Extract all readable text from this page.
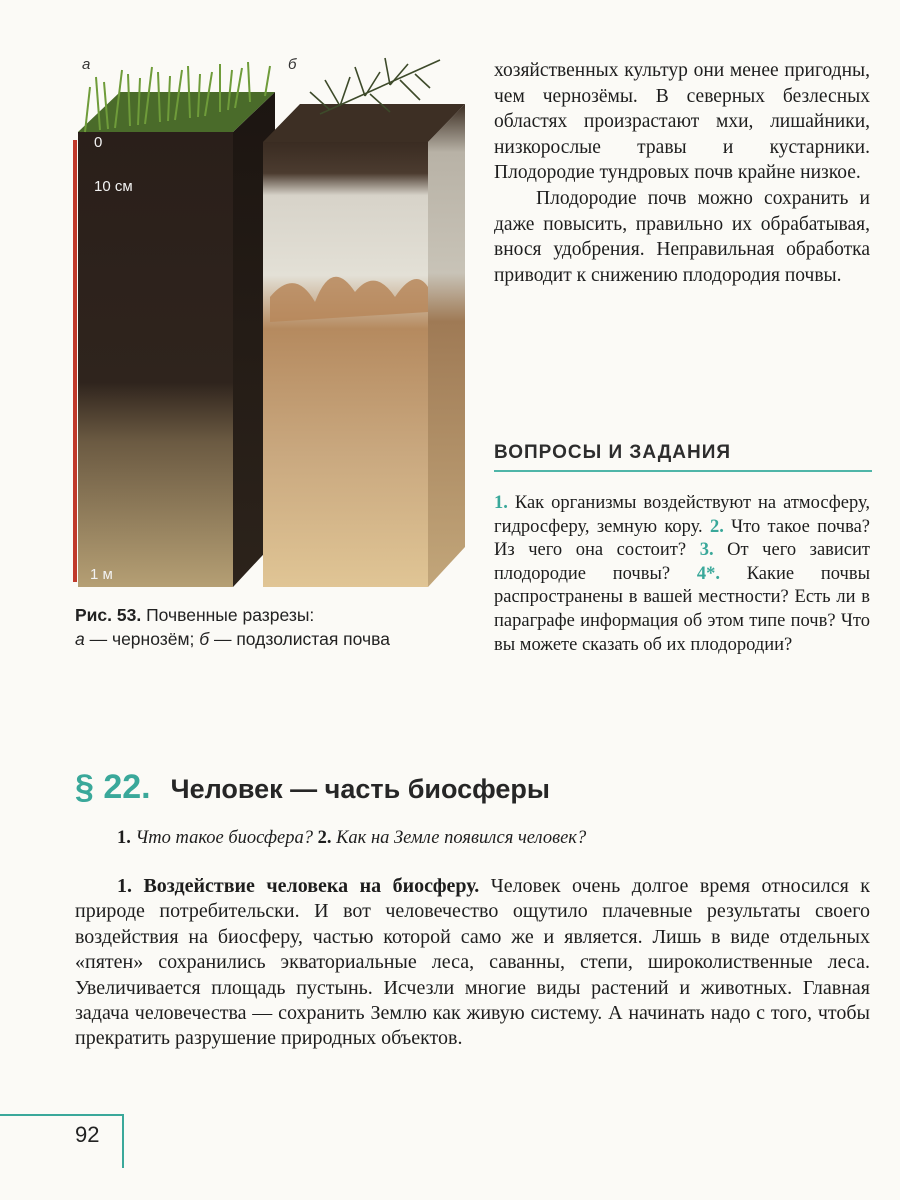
а	б
0
10 см
1 м
Рис. 53. Почвенные разрезы:
а — чернозём; б — подзолистая почва

хозяйственных культур они менее пригодны, чем чернозёмы. В северных безлесных областях произрастают мхи, лишайники, низкорослые травы и кустарники. Плодородие тундровых почв крайне низкое.

Плодородие почв можно сохранить и даже повысить, правильно их обрабатывая, внося удобрения. Неправильная обработка приводит к снижению плодородия почвы.

ВОПРОСЫ И ЗАДАНИЯ
1. Как организмы воздействуют на атмосферу, гидросферу, земную кору. 2. Что такое почва? Из чего она состоит? 3. От чего зависит плодородие почвы? 4*. Какие почвы распространены в вашей местности? Есть ли в параграфе информация об этом типе почв? Что вы можете сказать об их плодородии?
§ 22. Человек — часть биосферы
1. Что такое биосфера? 2. Как на Земле появился человек?

1. Воздействие человека на биосферу. Человек очень долгое время относился к природе потребительски. И вот человечество ощутило плачевные результаты своего воздействия на биосферу, частью которой само же и является. Лишь в виде отдельных «пятен» сохранились экваториальные леса, саванны, степи, широколиственные леса. Увеличивается площадь пустынь. Исчезли многие виды растений и животных. Главная задача человечества — сохранить Землю как живую систему. А начинать надо с того, чтобы прекратить разрушение природных объектов.

92
